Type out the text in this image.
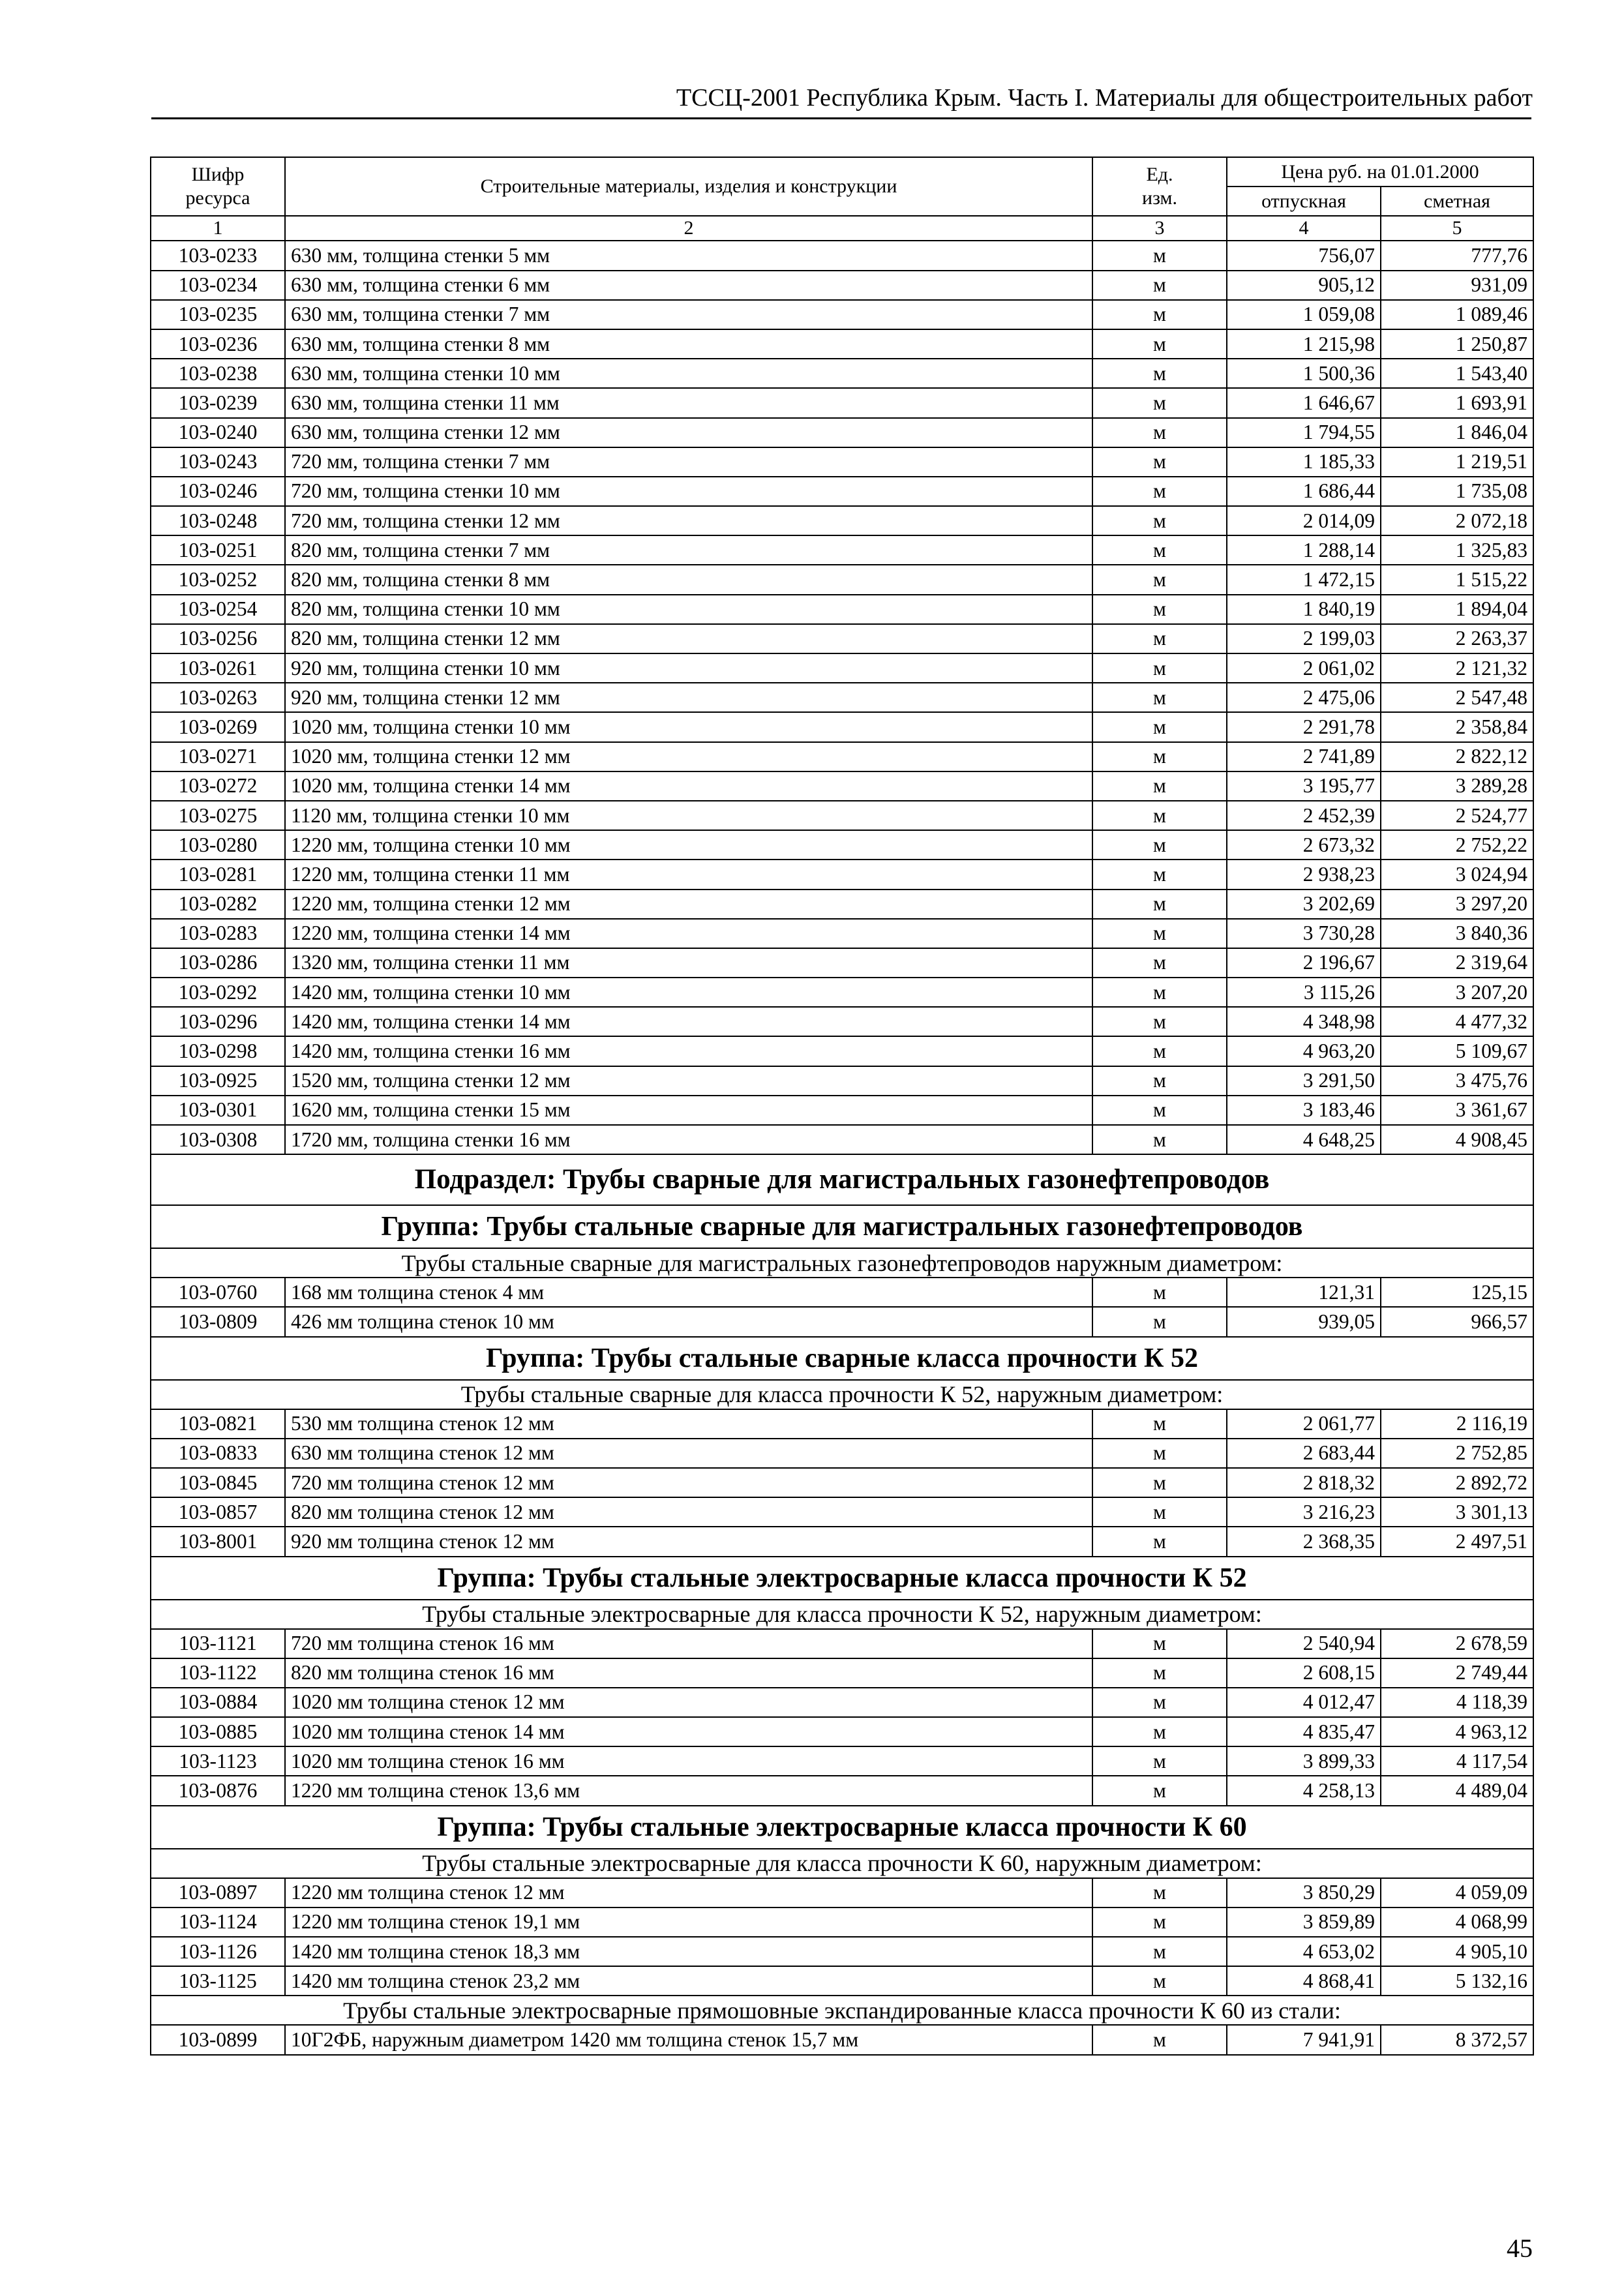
ТССЦ-2001 Республика Крым. Часть I. Материалы для общестроительных работ
Шифр ресурса	Строительные материалы, изделия и конструкции	Ед. изм.	Цена руб. на 01.01.2000	
			отпускная	сметная
1	2	3	4	5
103-0233	630 мм, толщина стенки 5 мм	м	756,07	777,76
103-0234	630 мм, толщина стенки 6 мм	м	905,12	931,09
103-0235	630 мм, толщина стенки 7 мм	м	1 059,08	1 089,46
103-0236	630 мм, толщина стенки 8 мм	м	1 215,98	1 250,87
103-0238	630 мм, толщина стенки 10 мм	м	1 500,36	1 543,40
103-0239	630 мм, толщина стенки 11 мм	м	1 646,67	1 693,91
103-0240	630 мм, толщина стенки 12 мм	м	1 794,55	1 846,04
103-0243	720 мм, толщина стенки 7 мм	м	1 185,33	1 219,51
103-0246	720 мм, толщина стенки 10 мм	м	1 686,44	1 735,08
103-0248	720 мм, толщина стенки 12 мм	м	2 014,09	2 072,18
103-0251	820 мм, толщина стенки 7 мм	м	1 288,14	1 325,83
103-0252	820 мм, толщина стенки 8 мм	м	1 472,15	1 515,22
103-0254	820 мм, толщина стенки 10 мм	м	1 840,19	1 894,04
103-0256	820 мм, толщина стенки 12 мм	м	2 199,03	2 263,37
103-0261	920 мм, толщина стенки 10 мм	м	2 061,02	2 121,32
103-0263	920 мм, толщина стенки 12 мм	м	2 475,06	2 547,48
103-0269	1020 мм, толщина стенки 10 мм	м	2 291,78	2 358,84
103-0271	1020 мм, толщина стенки 12 мм	м	2 741,89	2 822,12
103-0272	1020 мм, толщина стенки 14 мм	м	3 195,77	3 289,28
103-0275	1120 мм, толщина стенки 10 мм	м	2 452,39	2 524,77
103-0280	1220 мм, толщина стенки 10 мм	м	2 673,32	2 752,22
103-0281	1220 мм, толщина стенки 11 мм	м	2 938,23	3 024,94
103-0282	1220 мм, толщина стенки 12 мм	м	3 202,69	3 297,20
103-0283	1220 мм, толщина стенки 14 мм	м	3 730,28	3 840,36
103-0286	1320 мм, толщина стенки 11 мм	м	2 196,67	2 319,64
103-0292	1420 мм, толщина стенки 10 мм	м	3 115,26	3 207,20
103-0296	1420 мм, толщина стенки 14 мм	м	4 348,98	4 477,32
103-0298	1420 мм, толщина стенки 16 мм	м	4 963,20	5 109,67
103-0925	1520 мм, толщина стенки 12 мм	м	3 291,50	3 475,76
103-0301	1620 мм, толщина стенки 15 мм	м	3 183,46	3 361,67
103-0308	1720 мм, толщина стенки 16 мм	м	4 648,25	4 908,45
Подраздел: Трубы сварные для магистральных газонефтепроводов				
Группа: Трубы стальные сварные для магистральных газонефтепроводов				
Трубы стальные сварные для магистральных газонефтепроводов наружным диаметром:				
103-0760	168 мм толщина стенок 4 мм	м	121,31	125,15
103-0809	426 мм толщина стенок 10 мм	м	939,05	966,57
Группа: Трубы стальные сварные класса прочности К 52				
Трубы стальные сварные для класса прочности К 52, наружным диаметром:				
103-0821	530 мм толщина стенок 12 мм	м	2 061,77	2 116,19
103-0833	630 мм толщина стенок 12 мм	м	2 683,44	2 752,85
103-0845	720 мм толщина стенок 12 мм	м	2 818,32	2 892,72
103-0857	820 мм толщина стенок 12 мм	м	3 216,23	3 301,13
103-8001	920 мм толщина стенок 12 мм	м	2 368,35	2 497,51
Группа: Трубы стальные электросварные класса прочности К 52				
Трубы стальные электросварные для класса прочности К 52, наружным диаметром:				
103-1121	720 мм толщина стенок 16 мм	м	2 540,94	2 678,59
103-1122	820 мм толщина стенок 16 мм	м	2 608,15	2 749,44
103-0884	1020 мм толщина стенок 12 мм	м	4 012,47	4 118,39
103-0885	1020 мм толщина стенок 14 мм	м	4 835,47	4 963,12
103-1123	1020 мм толщина стенок 16 мм	м	3 899,33	4 117,54
103-0876	1220 мм толщина стенок 13,6 мм	м	4 258,13	4 489,04
Группа: Трубы стальные электросварные класса прочности К 60				
Трубы стальные электросварные для класса прочности К 60, наружным диаметром:				
103-0897	1220 мм толщина стенок 12 мм	м	3 850,29	4 059,09
103-1124	1220 мм толщина стенок 19,1 мм	м	3 859,89	4 068,99
103-1126	1420 мм толщина стенок 18,3 мм	м	4 653,02	4 905,10
103-1125	1420 мм толщина стенок 23,2 мм	м	4 868,41	5 132,16
Трубы стальные электросварные прямошовные экспандированные класса прочности К 60 из стали:				
103-0899	10Г2ФБ, наружным диаметром 1420 мм толщина стенок 15,7 мм	м	7 941,91	8 372,57
45
